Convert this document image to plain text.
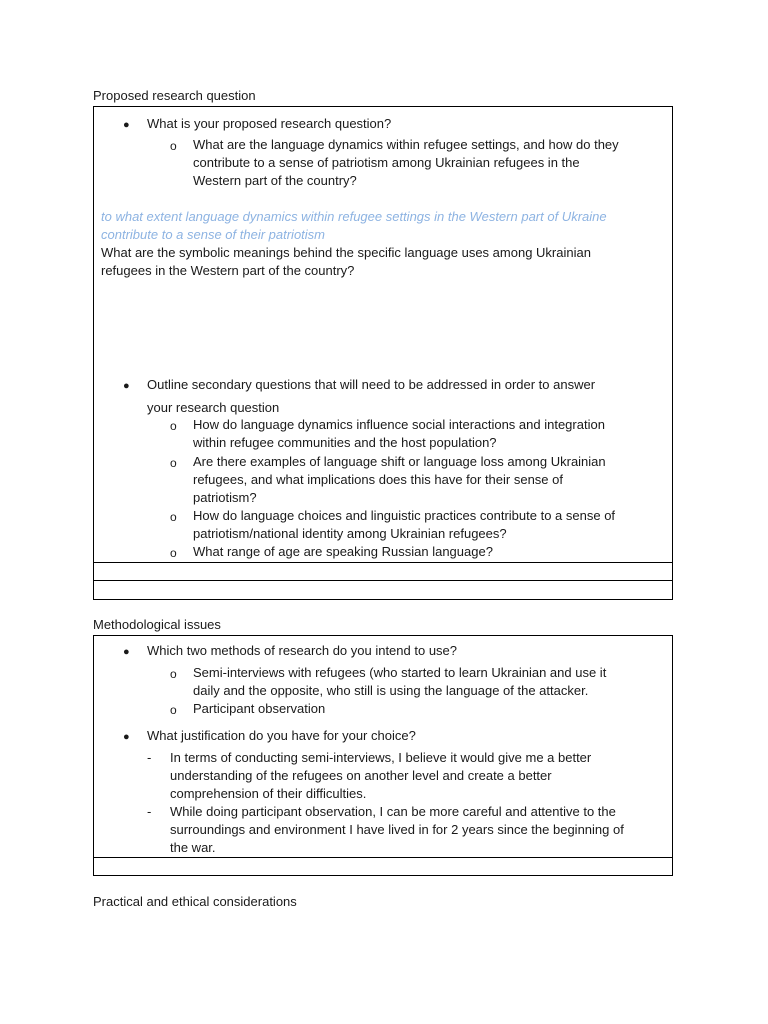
Proposed research question
● What is your proposed research question?
o What are the language dynamics within refugee settings, and how do they
contribute to a sense of patriotism among Ukrainian refugees in the
Western part of the country?
to what extent language dynamics within refugee settings in the Western part of Ukraine
contribute to a sense of their patriotism
What are the symbolic meanings behind the specific language uses among Ukrainian
refugees in the Western part of the country?
● Outline secondary questions that will need to be addressed in order to answer
your research question
o How do language dynamics influence social interactions and integration
within refugee communities and the host population?
o Are there examples of language shift or language loss among Ukrainian
refugees, and what implications does this have for their sense of
patriotism?
o How do language choices and linguistic practices contribute to a sense of
patriotism/national identity among Ukrainian refugees?
o What range of age are speaking Russian language?
Methodological issues
● Which two methods of research do you intend to use?
o Semi-interviews with refugees (who started to learn Ukrainian and use it
daily and the opposite, who still is using the language of the attacker.
o Participant observation
● What justification do you have for your choice?
- In terms of conducting semi-interviews, I believe it would give me a better
understanding of the refugees on another level and create a better
comprehension of their difficulties.
- While doing participant observation, I can be more careful and attentive to the
surroundings and environment I have lived in for 2 years since the beginning of
the war.
Practical and ethical considerations
